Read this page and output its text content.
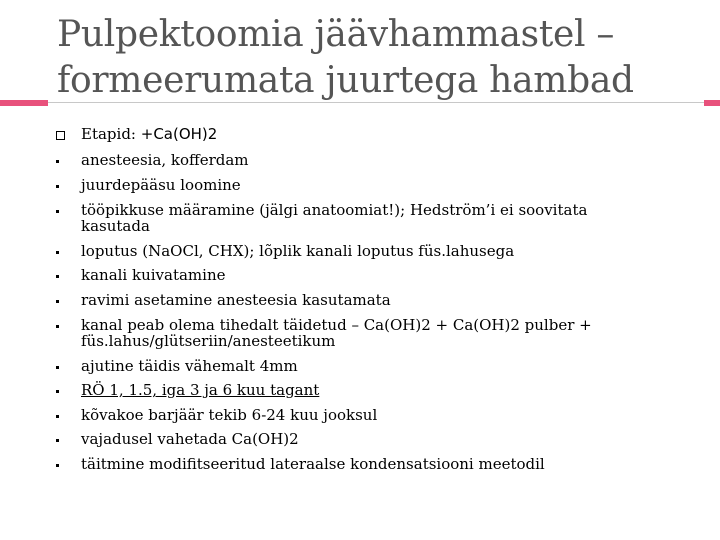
Pulpektoomia jäävhammastel –
formeerumata juurtega hambad
Etapid: +Ca(OH)2
anesteesia, kofferdam
juurdepääsu loomine
tööpikkuse määramine (jälgi anatoomiat!); Hedström’i ei soovitata kasutada
loputus (NaOCl, CHX); lõplik kanali loputus füs.lahusega
kanali kuivatamine
ravimi asetamine anesteesia kasutamata
kanal peab olema tihedalt täidetud – Ca(OH)2 + Ca(OH)2 pulber + füs.lahus/glütseriin/anesteetikum
ajutine täidis vähemalt 4mm
RÖ 1, 1.5, iga 3 ja 6 kuu tagant
kõvakoe barjäär tekib 6-24 kuu jooksul
vajadusel vahetada Ca(OH)2
täitmine modifitseeritud lateraalse kondensatsiooni meetodil
